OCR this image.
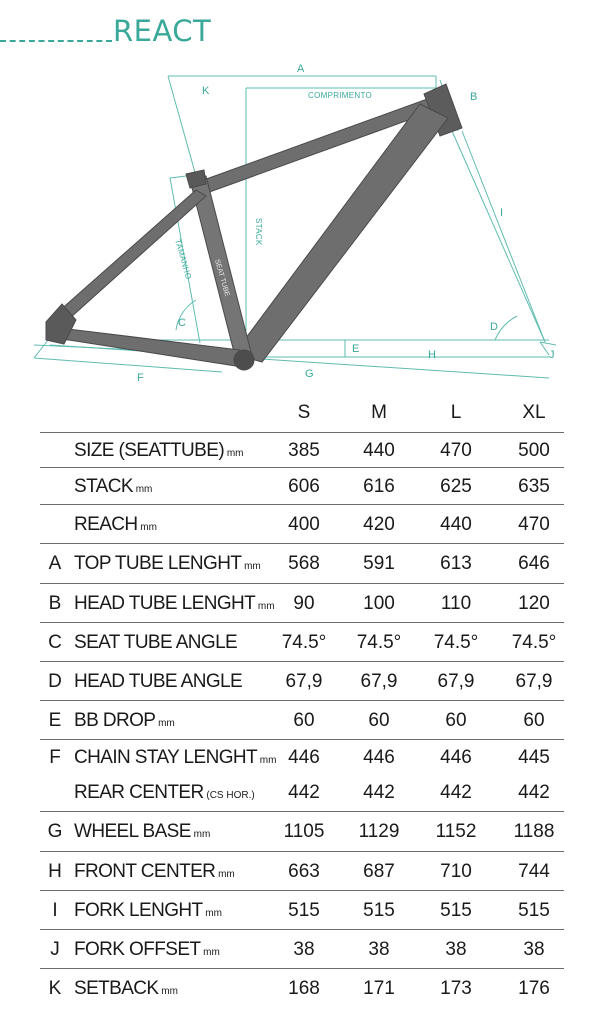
REACT
SEAT TUBE
A
K	COMPRIMENTO	B
STACK
TAMANHO
I
C	D
E	H	J
F	G
S	M	L	XL
SIZE (SEATTUBE) mm	385	440	470	500
STACK mm	606	616	625	635
REACH mm	400	420	440	470
A TOP TUBE LENGHT mm	568	591	613	646
B HEAD TUBE LENGHT mm 90	100	110	120
C SEAT TUBE ANGLE	74.5°	74.5°	74.5°	74.5°
D HEAD TUBE ANGLE	67,9	67,9	67,9	67,9
E BB DROP mm	60	60	60	60
F CHAIN STAY LENGHT mm 446	446	446	445
REAR CENTER (CS HOR.)	442	442	442	442
G WHEEL BASE mm	1105	1129	1152	1188
H FRONT CENTER mm	663	687	710	744
I FORK LENGHT mm	515	515	515	515
J FORK OFFSET mm	38	38	38	38
K SETBACK mm	168	171	173	176
